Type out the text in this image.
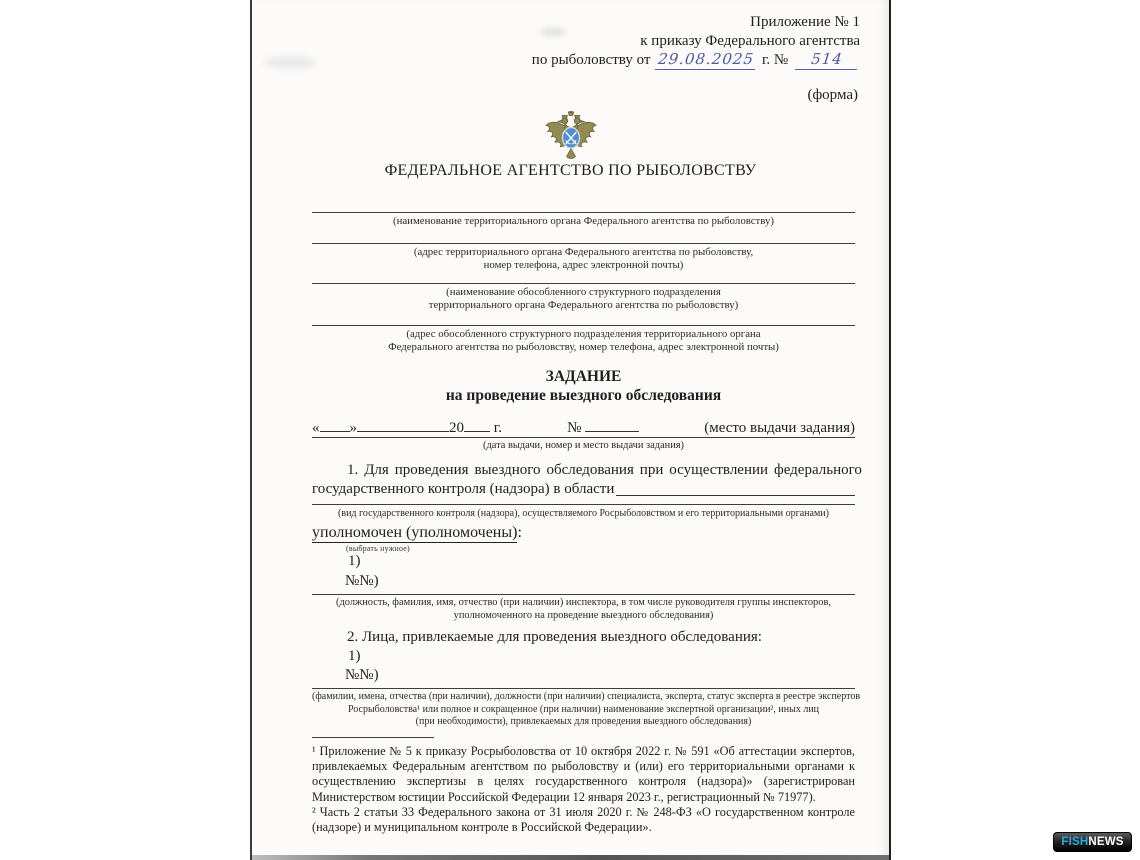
Приложение № 1
к приказу Федерального агентства
по рыболовству от 29.08.2025 г. № 514
(форма)
ФЕДЕРАЛЬНОЕ АГЕНТСТВО ПО РЫБОЛОВСТВУ
(наименование территориального органа Федерального агентства по рыболовству)
(адрес территориального органа Федерального агентства по рыболовству,
номер телефона, адрес электронной почты)
(наименование обособленного структурного подразделения
территориального органа Федерального агентства по рыболовству)
(адрес обособленного структурного подразделения территориального органа
Федерального агентства по рыболовству, номер телефона, адрес электронной почты)
ЗАДАНИЕ
на проведение выездного обследования
« »	20 г.	№	(место выдачи задания)
(дата выдачи, номер и место выдачи задания)
1. Для проведения выездного обследования при осуществлении федерального
государственного контроля (надзора) в области
(вид государственного контроля (надзора), осуществляемого Росрыболовством и его территориальными органами)
уполномочен (уполномочены):
(выбрать нужное)
1)
№№)
(должность, фамилия, имя, отчество (при наличии) инспектора, в том числе руководителя группы инспекторов,
уполномоченного на проведение выездного обследования)
2. Лица, привлекаемые для проведения выездного обследования:
1)
№№)
(фамилии, имена, отчества (при наличии), должности (при наличии) специалиста, эксперта, статус эксперта в реестре экспертов
Росрыболовства¹ или полное и сокращенное (при наличии) наименование экспертной организации², иных лиц
(при необходимости), привлекаемых для проведения выездного обследования)

¹ Приложение № 5 к приказу Росрыболовства от 10 октября 2022 г. № 591 «Об аттестации экспертов, привлекаемых Федеральным агентством по рыболовству и (или) его территориальными органами к осуществлению экспертизы в целях государственного контроля (надзора)» (зарегистрирован Министерством юстиции Российской Федерации 12 января 2023 г., регистрационный № 71977).

² Часть 2 статьи 33 Федерального закона от 31 июля 2020 г. № 248-ФЗ «О государственном контроле (надзоре) и муниципальном контроле в Российской Федерации».

FISH NEWS
